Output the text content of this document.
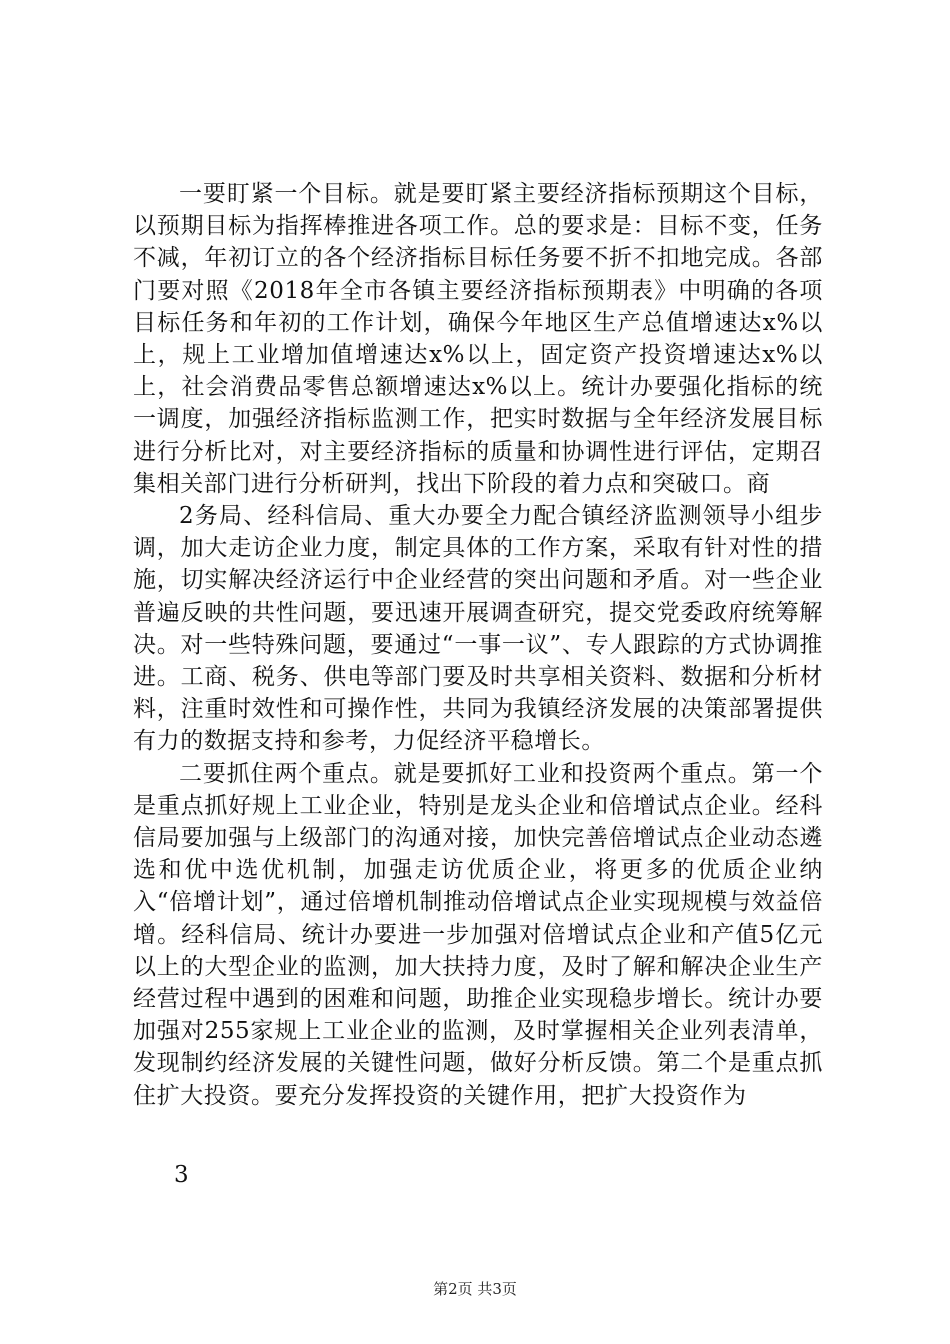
一要盯紧一个目标。就是要盯紧主要经济指标预期这个目标，以预期目标为指挥棒推进各项工作。总的要求是：目标不变，任务不减，年初订立的各个经济指标目标任务要不折不扣地完成。各部门要对照《2018年全市各镇主要经济指标预期表》中明确的各项目标任务和年初的工作计划，确保今年地区生产总值增速达x%以上，规上工业增加值增速达x%以上，固定资产投资增速达x%以上，社会消费品零售总额增速达x%以上。统计办要强化指标的统一调度，加强经济指标监测工作，把实时数据与全年经济发展目标进行分析比对，对主要经济指标的质量和协调性进行评估，定期召集相关部门进行分析研判，找出下阶段的着力点和突破口。商

2务局、经科信局、重大办要全力配合镇经济监测领导小组步调，加大走访企业力度，制定具体的工作方案，采取有针对性的措施，切实解决经济运行中企业经营的突出问题和矛盾。对一些企业普遍反映的共性问题，要迅速开展调查研究，提交党委政府统筹解决。对一些特殊问题，要通过“一事一议”、专人跟踪的方式协调推进。工商、税务、供电等部门要及时共享相关资料、数据和分析材料，注重时效性和可操作性，共同为我镇经济发展的决策部署提供有力的数据支持和参考，力促经济平稳增长。

二要抓住两个重点。就是要抓好工业和投资两个重点。第一个是重点抓好规上工业企业，特别是龙头企业和倍增试点企业。经科信局要加强与上级部门的沟通对接，加快完善倍增试点企业动态遴选和优中选优机制，加强走访优质企业，将更多的优质企业纳入“倍增计划”，通过倍增机制推动倍增试点企业实现规模与效益倍增。经科信局、统计办要进一步加强对倍增试点企业和产值5亿元以上的大型企业的监测，加大扶持力度，及时了解和解决企业生产经营过程中遇到的困难和问题，助推企业实现稳步增长。统计办要加强对255家规上工业企业的监测，及时掌握相关企业列表清单，发现制约经济发展的关键性问题，做好分析反馈。第二个是重点抓住扩大投资。要充分发挥投资的关键作用，把扩大投资作为

3
第2页 共3页
